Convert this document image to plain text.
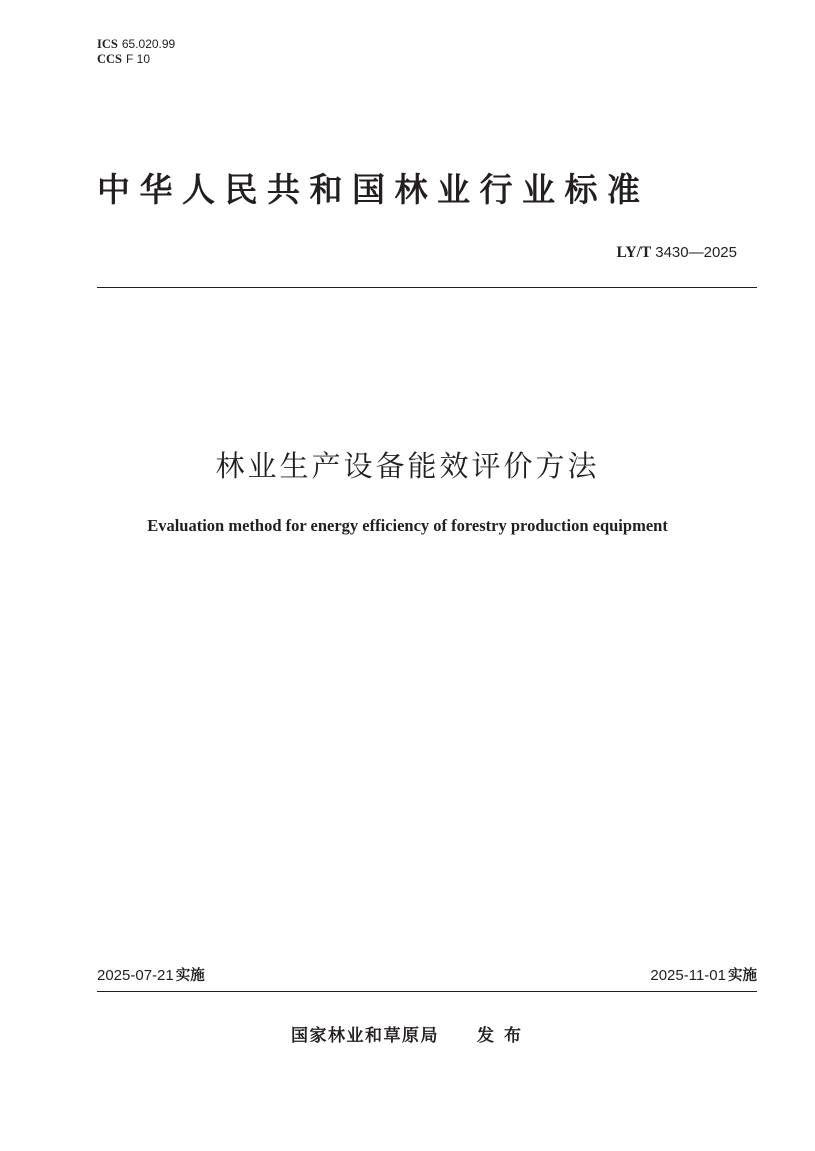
ICS 65.020.99
CCS F 10
中华人民共和国林业行业标准
LY/T 3430—2025
林业生产设备能效评价方法
Evaluation method for energy efficiency of forestry production equipment
2025-07-21 实施	2025-11-01 实施
国家林业和草原局 发布
